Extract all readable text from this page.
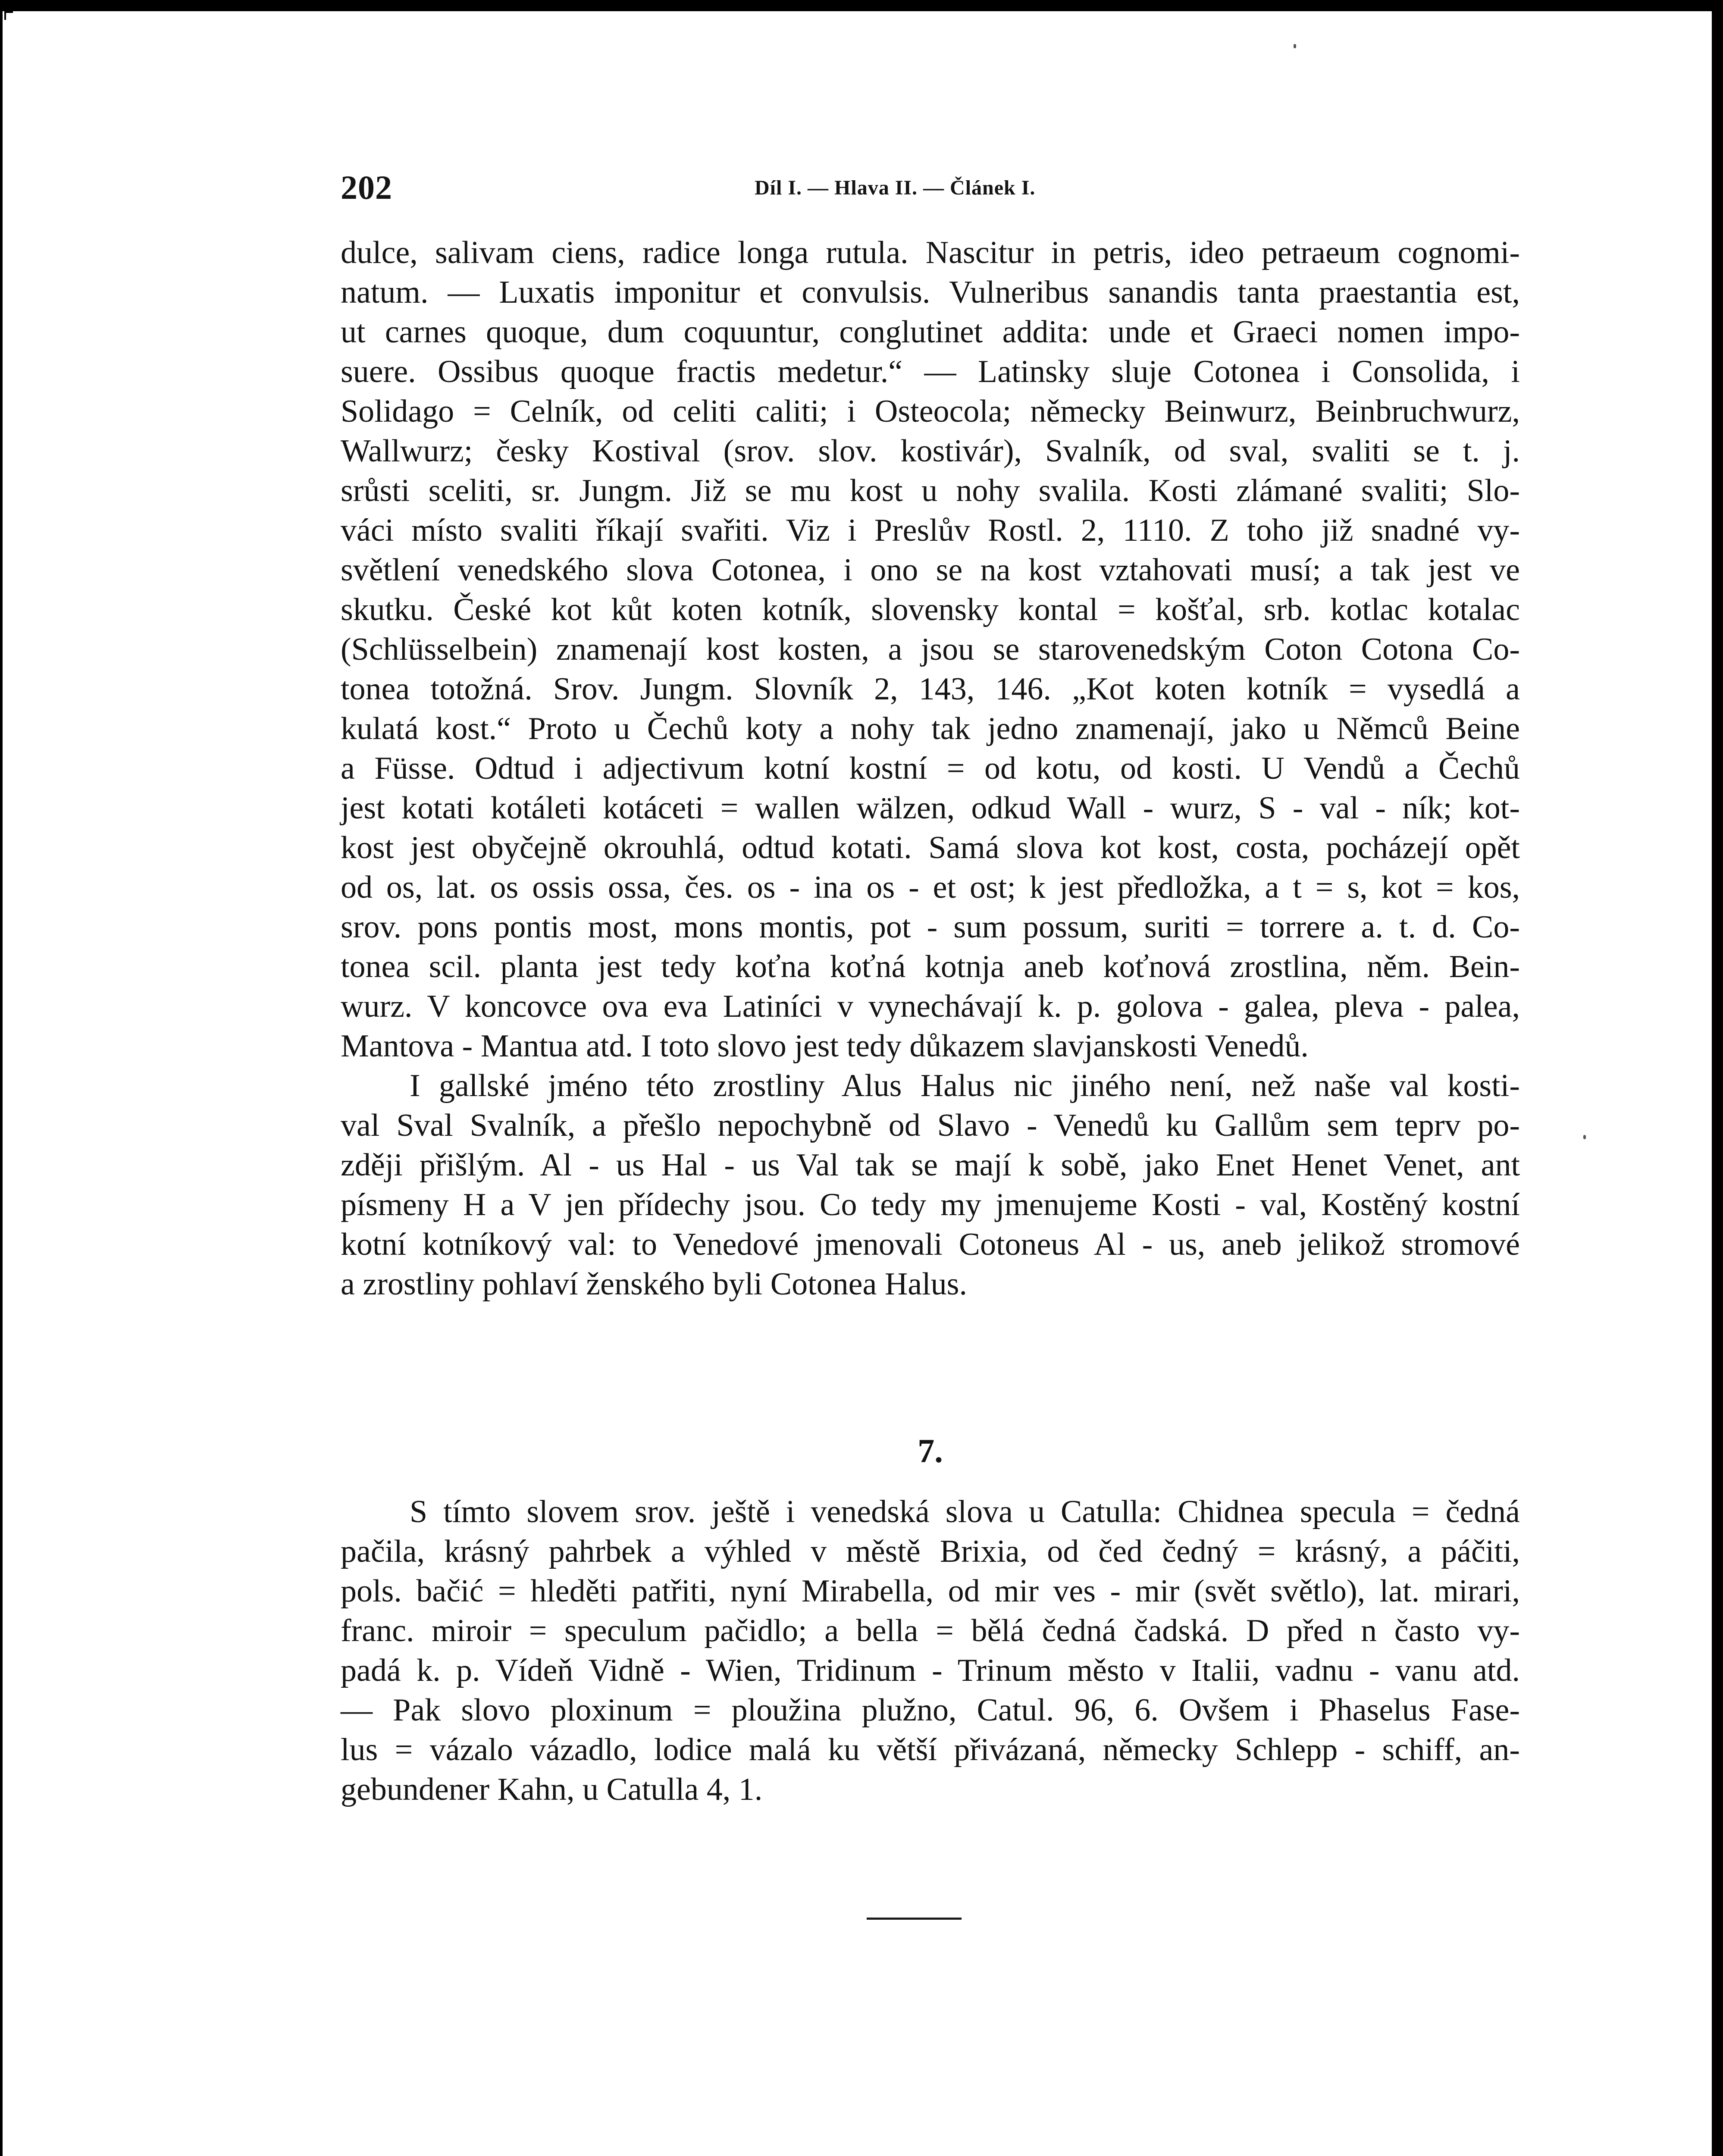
202	Díl I. — Hlava II. — Článek I.
dulce, salivam ciens, radice longa rutula. Nascitur in petris, ideo petraeum cognomi-
natum. — Luxatis imponitur et convulsis. Vulneribus sanandis tanta praestantia est,
ut carnes quoque, dum coquuntur, conglutinet addita: unde et Graeci nomen impo-
suere. Ossibus quoque fractis medetur.“ — Latinsky sluje Cotonea i Consolida, i
Solidago = Celník, od celiti caliti; i Osteocola; německy Beinwurz, Beinbruchwurz,
Wallwurz; česky Kostival (srov. slov. kostivár), Svalník, od sval, svaliti se t. j.
srůsti sceliti, sr. Jungm. Již se mu kost u nohy svalila. Kosti zlámané svaliti; Slo-
váci místo svaliti říkají svařiti. Viz i Preslův Rostl. 2, 1110. Z toho již snadné vy-
světlení venedského slova Cotonea, i ono se na kost vztahovati musí; a tak jest ve
skutku. České kot kůt koten kotník, slovensky kontal = košťal, srb. kotlac kotalac
(Schlüsselbein) znamenají kost kosten, a jsou se starovenedským Coton Cotona Co-
tonea totožná. Srov. Jungm. Slovník 2, 143, 146. „Kot koten kotník = vysedlá a
kulatá kost.“ Proto u Čechů koty a nohy tak jedno znamenají, jako u Němců Beine
a Füsse. Odtud i adjectivum kotní kostní = od kotu, od kosti. U Vendů a Čechů
jest kotati kotáleti kotáceti = wallen wälzen, odkud Wall - wurz, S - val - ník; kot-
kost jest obyčejně okrouhlá, odtud kotati. Samá slova kot kost, costa, pocházejí opět
od os, lat. os ossis ossa, čes. os - ina os - et ost; k jest předložka, a t = s, kot = kos,
srov. pons pontis most, mons montis, pot - sum possum, suriti = torrere a. t. d. Co-
tonea scil. planta jest tedy koťna koťná kotnja aneb koťnová zrostlina, něm. Bein-
wurz. V koncovce ova eva Latiníci v vynechávají k. p. golova - galea, pleva - palea,
Mantova - Mantua atd. I toto slovo jest tedy důkazem slavjanskosti Venedů.
I gallské jméno této zrostliny Alus Halus nic jiného není, než naše val kosti-
val Sval Svalník, a přešlo nepochybně od Slavo - Venedů ku Gallům sem teprv po-
zději přišlým. Al - us Hal - us Val tak se mají k sobě, jako Enet Henet Venet, ant
písmeny H a V jen přídechy jsou. Co tedy my jmenujeme Kosti - val, Kostěný kostní
kotní kotníkový val: to Venedové jmenovali Cotoneus Al - us, aneb jelikož stromové
a zrostliny pohlaví ženského byli Cotonea Halus.
7.
S tímto slovem srov. ještě i venedská slova u Catulla: Chidnea specula = čedná
pačila, krásný pahrbek a výhled v městě Brixia, od čed čedný = krásný, a páčiti,
pols. bačić = hleděti patřiti, nyní Mirabella, od mir ves - mir (svět světlo), lat. mirari,
franc. miroir = speculum pačidlo; a bella = bělá čedná čadská. D před n často vy-
padá k. p. Vídeň Vidně - Wien, Tridinum - Trinum město v Italii, vadnu - vanu atd.
— Pak slovo ploxinum = ploužina plužno, Catul. 96, 6. Ovšem i Phaselus Fase-
lus = vázalo vázadlo, lodice malá ku větší přivázaná, německy Schlepp - schiff, an-
gebundener Kahn, u Catulla 4, 1.
